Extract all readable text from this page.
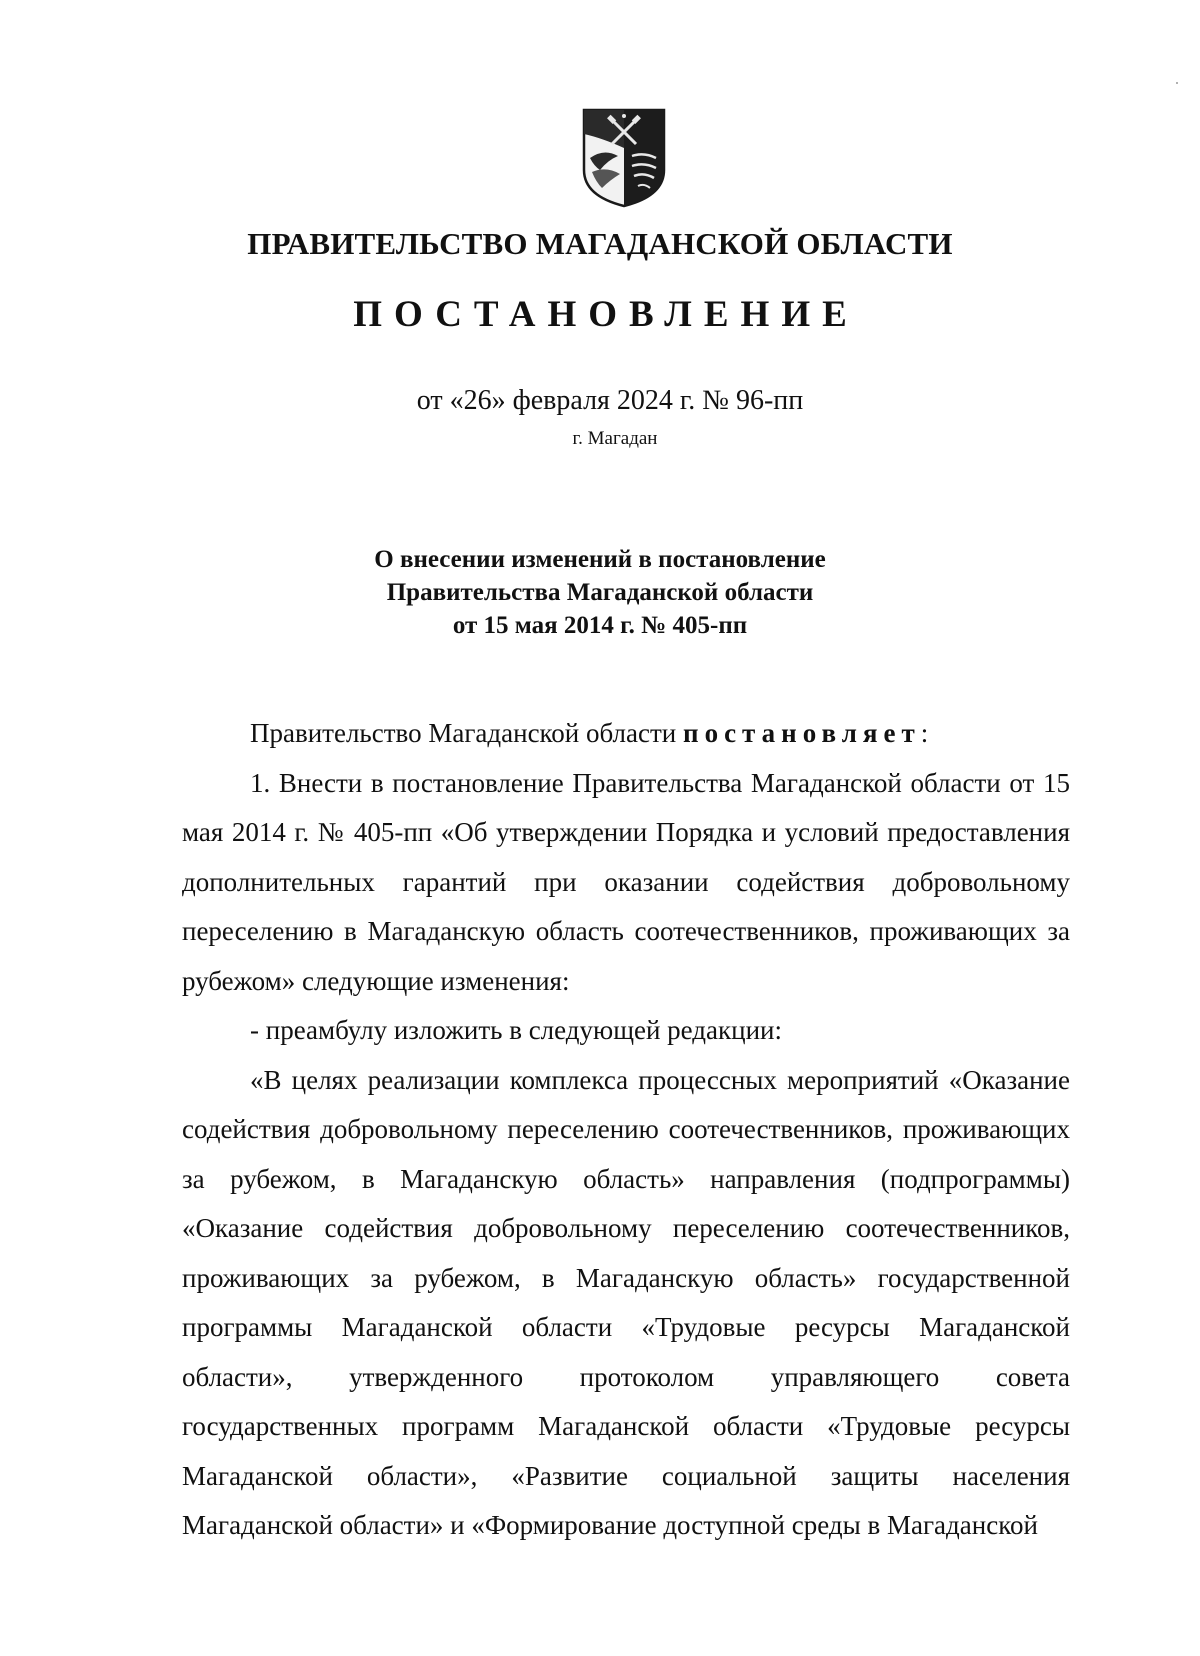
ПРАВИТЕЛЬСТВО МАГАДАНСКОЙ ОБЛАСТИ
ПОСТАНОВЛЕНИЕ
от «26» февраля 2024 г. № 96-пп
г. Магадан
О внесении изменений в постановление
Правительства Магаданской области
от 15 мая 2014 г. № 405-пп

Правительство Магаданской области постановляет:

1. Внести в постановление Правительства Магаданской области от 15 мая 2014 г. № 405-пп «Об утверждении Порядка и условий предоставления дополнительных гарантий при оказании содействия добровольному переселению в Магаданскую область соотечественников, проживающих за рубежом» следующие изменения:

- преамбулу изложить в следующей редакции:

«В целях реализации комплекса процессных мероприятий «Оказание содействия добровольному переселению соотечественников, проживающих за рубежом, в Магаданскую область» направления (подпрограммы) «Оказание содействия добровольному переселению соотечественников, проживающих за рубежом, в Магаданскую область» государственной программы Магаданской области «Трудовые ресурсы Магаданской области», утвержденного протоколом управляющего совета государственных программ Магаданской области «Трудовые ресурсы Магаданской области», «Развитие социальной защиты населения Магаданской области» и «Формирование доступной среды в Магаданской
